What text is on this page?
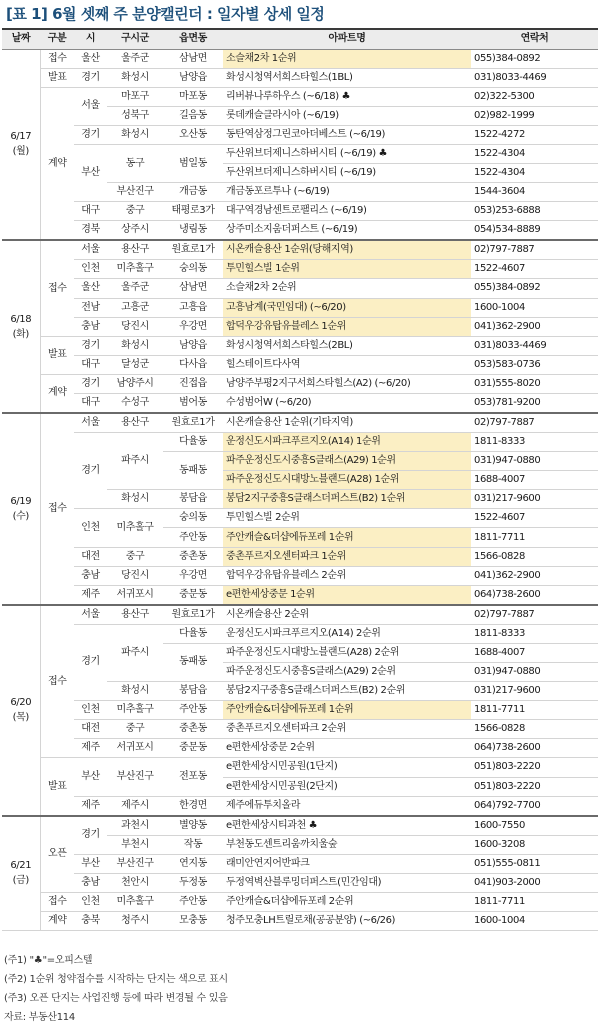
[표 1] 6월 셋째 주 분양캘린더 : 일자별 상세 일정
날짜	구분	시	구시군	읍면동	아파트명	연락처
6/17
(월)	접수	울산	울주군	삼남면	소슬채2차 1순위	055)384-0892
	발표	경기	화성시	남양읍	화성시청역서희스타힐스(1BL)	031)8033-4469
	계약	서울	마포구	마포동	리버뷰나루하우스 (~6/18) ♣	02)322-5300
			성북구	길음동	롯데캐슬클라시아 (~6/19)	02)982-1999
		경기	화성시	오산동	동탄역삼정그린코아더베스트 (~6/19)	1522-4272
		부산	동구	범일동	두산위브더제니스하버시티 (~6/19) ♣	1522-4304
					두산위브더제니스하버시티 (~6/19)	1522-4304
			부산진구	개금동	개금동포르투나 (~6/19)	1544-3604
		대구	중구	태평로3가	대구역경남센트로팰리스 (~6/19)	053)253-6888
		경북	상주시	냉림동	상주미소지움더퍼스트 (~6/19)	054)534-8889
6/18
(화)	접수	서울	용산구	원효로1가	시온캐슬용산 1순위(당해지역)	02)797-7887
		인천	미추홀구	숭의동	투민힐스빌 1순위	1522-4607
		울산	울주군	삼남면	소슬채2차 2순위	055)384-0892
		전남	고흥군	고흥읍	고흥남계(국민임대) (~6/20)	1600-1004
		충남	당진시	우강면	합덕우강유탑유블레스 1순위	041)362-2900
	발표	경기	화성시	남양읍	화성시청역서희스타힐스(2BL)	031)8033-4469
		대구	달성군	다사읍	힐스테이트다사역	053)583-0736
	계약	경기	남양주시	진접읍	남양주부평2지구서희스타힐스(A2) (~6/20)	031)555-8020
		대구	수성구	범어동	수성범어W (~6/20)	053)781-9200
6/19
(수)	접수	서울	용산구	원효로1가	시온캐슬용산 1순위(기타지역)	02)797-7887
		경기	파주시	다율동	운정신도시파크푸르지오(A14) 1순위	1811-8333
				동패동	파주운정신도시중흥S클래스(A29) 1순위	031)947-0880
					파주운정신도시대방노블랜드(A28) 1순위	1688-4007
			화성시	봉담읍	봉담2지구중흥S클래스더퍼스트(B2) 1순위	031)217-9600
		인천	미추홀구	숭의동	투민힐스빌 2순위	1522-4607
				주안동	주안캐슬&더샵에듀포레 1순위	1811-7711
		대전	중구	중촌동	중촌푸르지오센터파크 1순위	1566-0828
		충남	당진시	우강면	합덕우강유탑유블레스 2순위	041)362-2900
		제주	서귀포시	중문동	e편한세상중문 1순위	064)738-2600
6/20
(목)	접수	서울	용산구	원효로1가	시온캐슬용산 2순위	02)797-7887
		경기	파주시	다율동	운정신도시파크푸르지오(A14) 2순위	1811-8333
				동패동	파주운정신도시대방노블랜드(A28) 2순위	1688-4007
					파주운정신도시중흥S클래스(A29) 2순위	031)947-0880
			화성시	봉담읍	봉담2지구중흥S클래스더퍼스트(B2) 2순위	031)217-9600
		인천	미추홀구	주안동	주안캐슬&더샵에듀포레 1순위	1811-7711
		대전	중구	중촌동	중촌푸르지오센터파크 2순위	1566-0828
		제주	서귀포시	중문동	e편한세상중문 2순위	064)738-2600
	발표	부산	부산진구	전포동	e편한세상시민공원(1단지)	051)803-2220
					e편한세상시민공원(2단지)	051)803-2220
		제주	제주시	한경면	제주에듀투치올라	064)792-7700
6/21
(금)	오픈	경기	과천시	별양동	e편한세상시티과천 ♣	1600-7550
			부천시	작동	부천동도센트리움까치울숲	1600-3208
		부산	부산진구	연지동	래미안연지어반파크	051)555-0811
		충남	천안시	두정동	두정역벽산블루밍더퍼스트(민간임대)	041)903-2000
	접수	인천	미추홀구	주안동	주안캐슬&더샵에듀포레 2순위	1811-7711
	계약	충북	청주시	모충동	청주모충LH트릴로채(공공분양) (~6/26)	1600-1004
(주1) "♣"=오피스텔
(주2) 1순위 청약접수를 시작하는 단지는 색으로 표시
(주3) 오픈 단지는 사업진행 등에 따라 변경될 수 있음
자료: 부동산114
